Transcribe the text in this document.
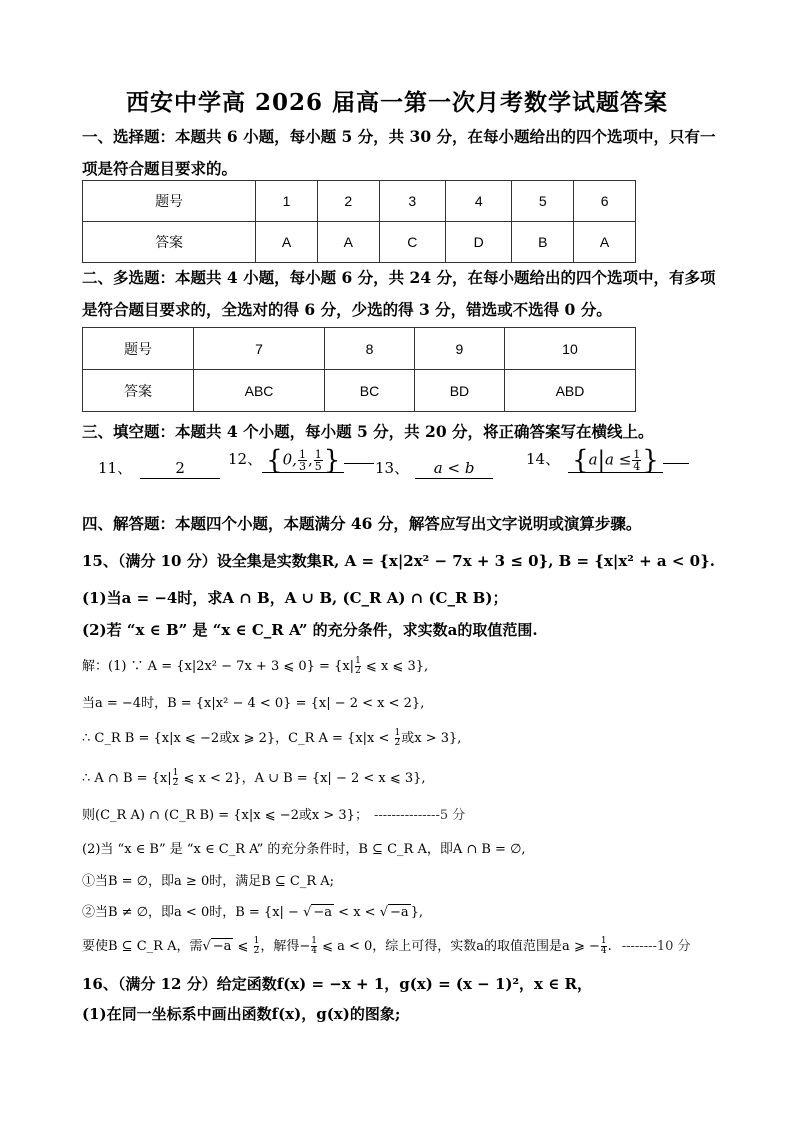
西安中学高 2026 届高一第一次月考数学试题答案
一、选择题：本题共 6 小题，每小题 5 分，共 30 分，在每小题给出的四个选项中，只有一
项是符合题目要求的。
题号	1	2	3	4	5	6
答案	A	A	C	D	B	A
二、多选题：本题共 4 小题，每小题 6 分，共 24 分，在每小题给出的四个选项中，有多项
是符合题目要求的，全选对的得 6 分，少选的得 3 分，错选或不选得 0 分。
题号	7	8	9	10
答案	ABC	BC	BD	ABD
三、填空题：本题共 4 个小题，每小题 5 分，共 20 分，将正确答案写在横线上。
11、	2	12、 {0, $\frac{1}{3}$ , $\frac{1}{5}$ }	13、 a < b	14、 {$a|a \le \frac{1}{4}$ }
四、解答题：本题四个小题，本题满分 46 分，解答应写出文字说明或演算步骤。
15、（满分 10 分）设全集是实数集R, A = {x|2x² − 7x + 3 ≤ 0}, B = {x|x² + a < 0}.
(1)当a = −4时，求A ∩ B，A ∪ B, (C_R A) ∩ (C_R B)；
(2)若 “x ∈ B” 是 “x ∈ C_R A” 的充分条件，求实数a的取值范围.
解：(1) ∵ A = {x|2x² − 7x + 3 ⩽ $0\} = \{x| \frac{1}{2}$ ⩽ x ⩽ 3},
当a = −4时，B = {x|x² − 4 < 0} = {x| − 2 < x < 2},
∴ C_R B = {x|x ⩽ −2或x ⩾ 2}，C_R $A = \{x|x < \frac{1}{2}$ 或x > 3},
∴ A ∩ $B = \{x| \frac{1}{2}$ ⩽ x < 2}，A ∪ B = {x| − 2 < x ⩽ 3},
则(C_R A) ∩ (C_R B) = {x|x ⩽ −2或x > 3}； ---------------5 分
(2)当 “x ∈ B” 是 “x ∈ C_R A” 的充分条件时，B ⊆ C_R A，即A ∩ B = ∅,
①当B = ∅，即a ≥ 0时，满足B ⊆ C_R A;
②当B ≠ ∅，即a < 0时，B = {x| − √ −a < x < √ −a },
要使B ⊆ C_R A，需√ −a ⩽ $\frac{1}{2}$ ，解得− $\frac{1}{4}$ ⩽ a < 0，综上可得，实数a的取值范围是a ⩾ − $\frac{1}{4}$ . --------10 分
16、（满分 12 分）给定函数f(x) = −x + 1，g(x) = (x − 1)²，x ∈ R，
(1)在同一坐标系中画出函数f(x)，g(x)的图象;
